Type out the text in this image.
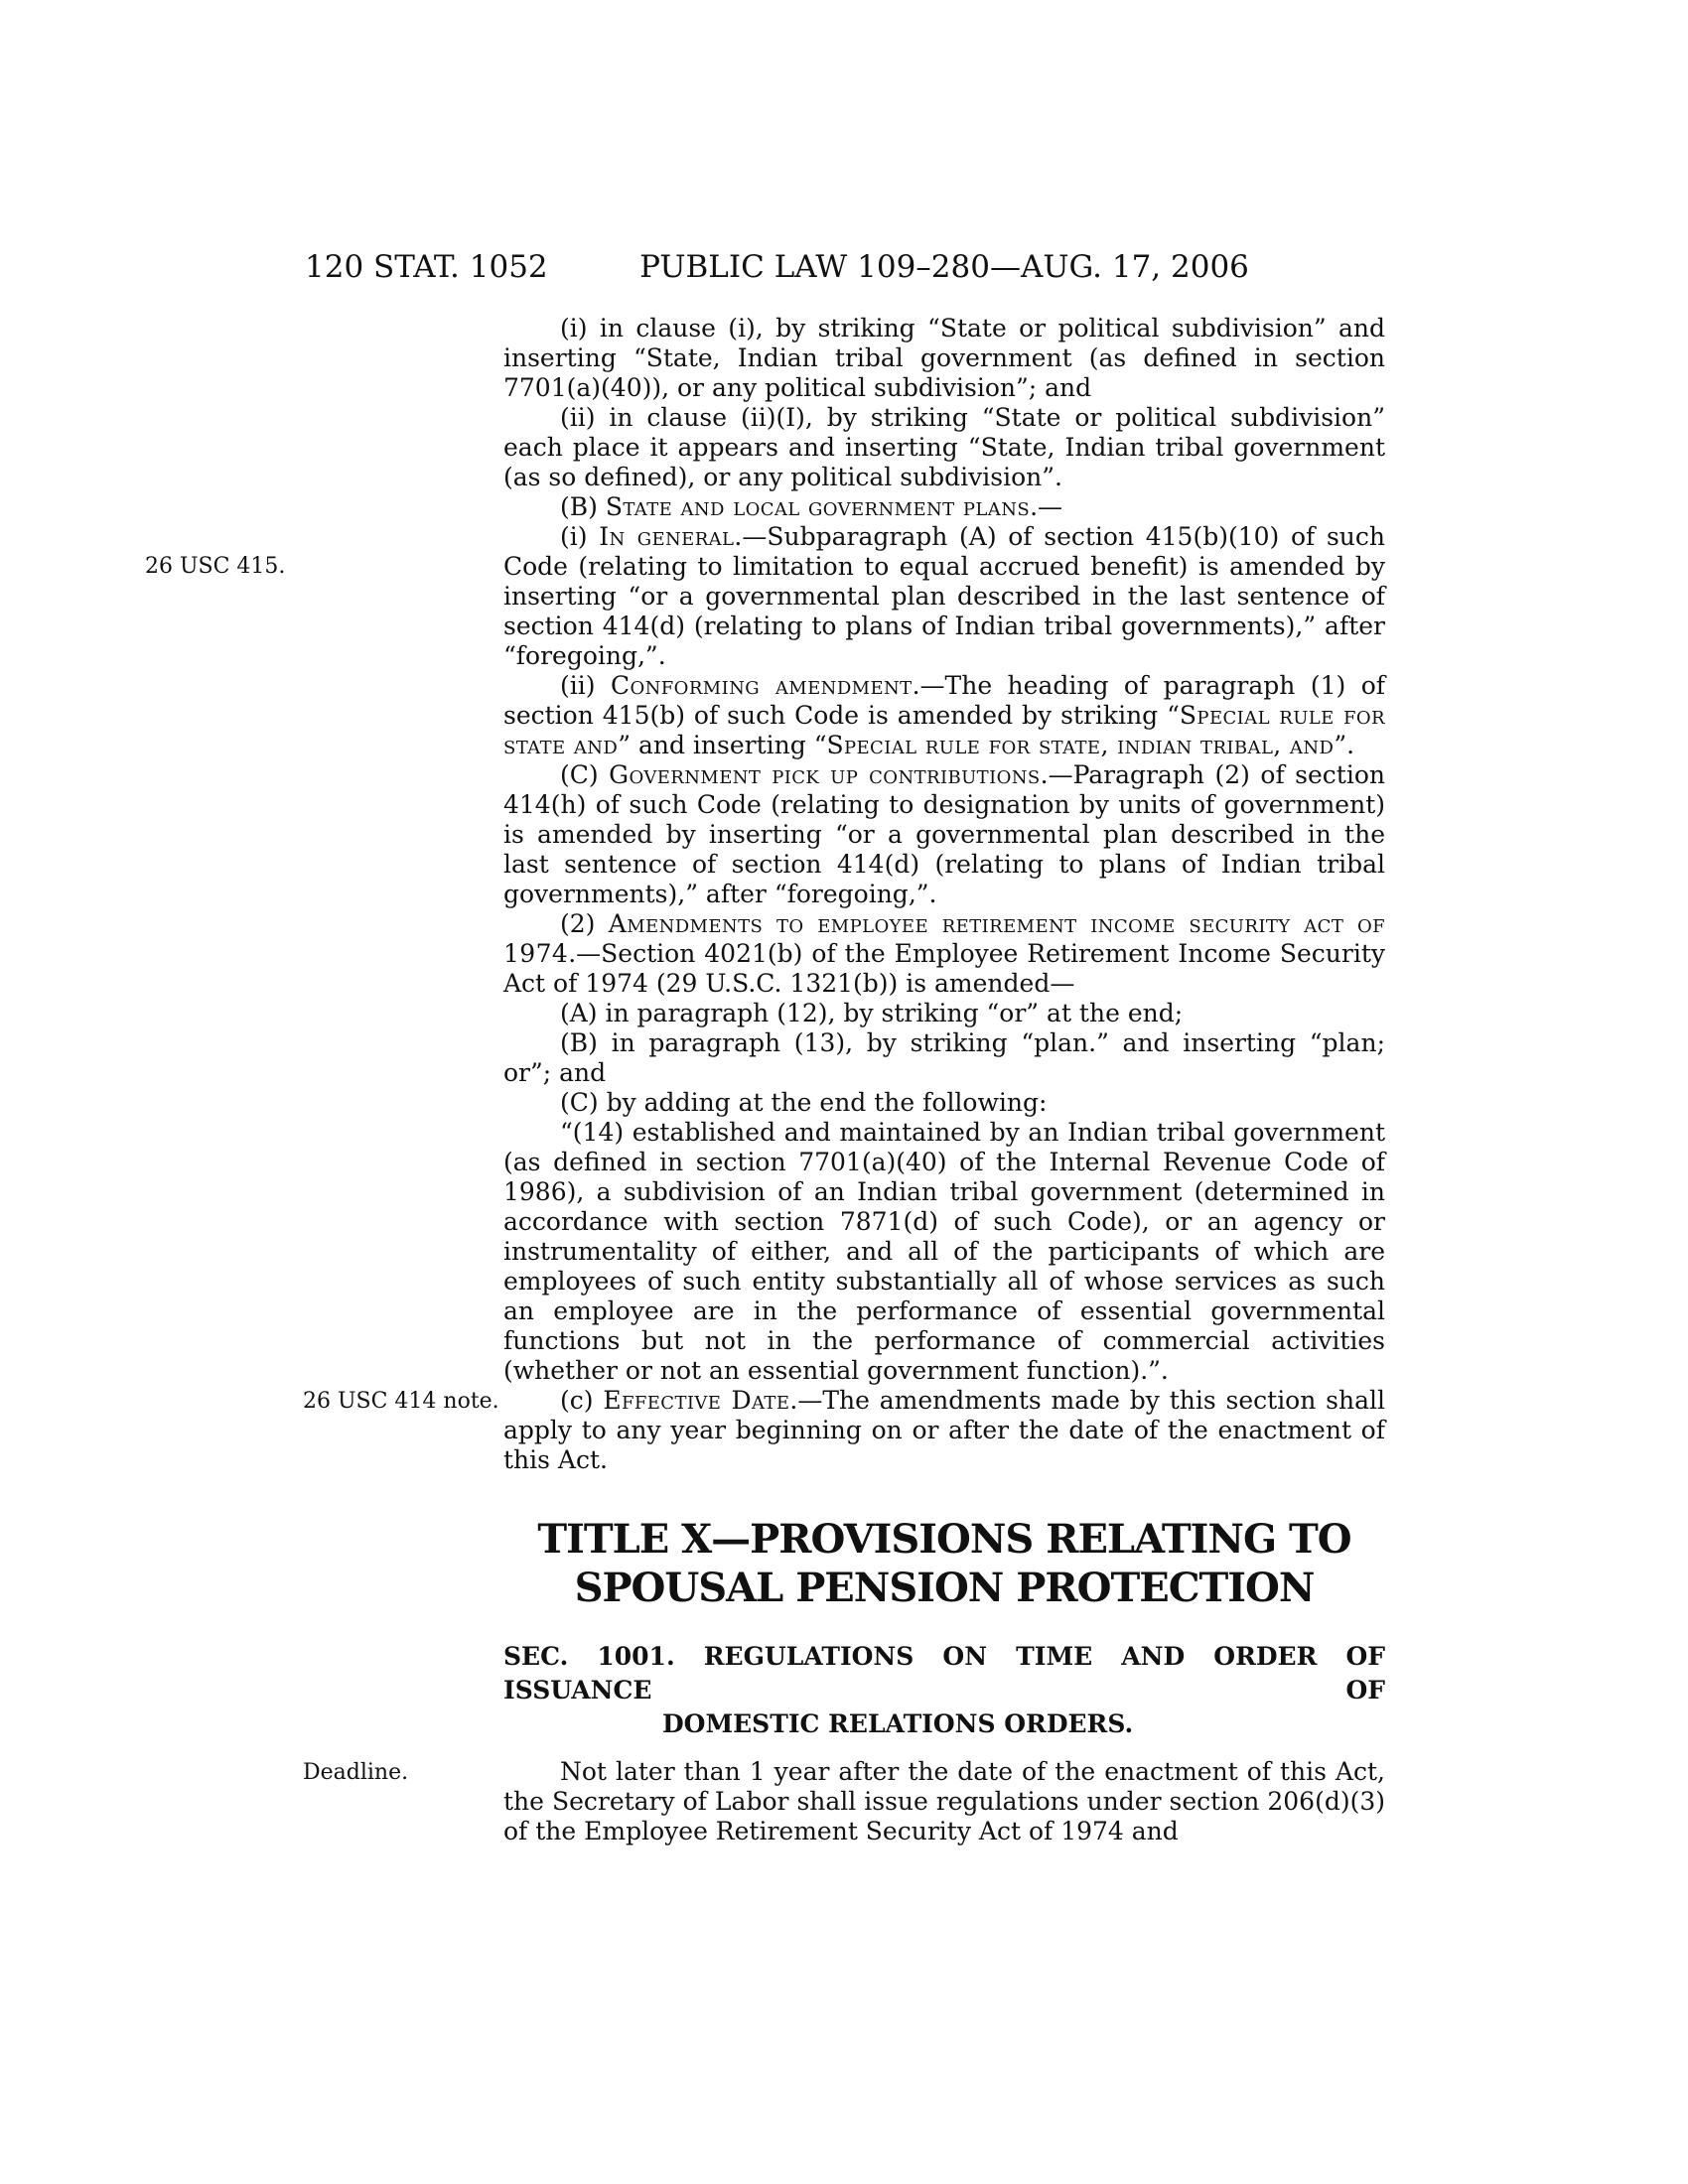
120 STAT. 1052	PUBLIC LAW 109–280—AUG. 17, 2006

(i) in clause (i), by striking “State or political subdivision” and inserting “State, Indian tribal government (as defined in section 7701(a)(40)), or any political subdivision”; and

(ii) in clause (ii)(I), by striking “State or political subdivision” each place it appears and inserting “State, Indian tribal government (as so defined), or any political subdivision”.

(B) State and local government plans.—

26 USC 415.
(i) In general.—Subparagraph (A) of section 415(b)(10) of such Code (relating to limitation to equal accrued benefit) is amended by inserting “or a governmental plan described in the last sentence of section 414(d) (relating to plans of Indian tribal governments),” after “foregoing,”.

(ii) Conforming amendment.—The heading of paragraph (1) of section 415(b) of such Code is amended by striking “Special rule for state and” and inserting “Special rule for state, indian tribal, and”.

(C) Government pick up contributions.—Paragraph (2) of section 414(h) of such Code (relating to designation by units of government) is amended by inserting “or a governmental plan described in the last sentence of section 414(d) (relating to plans of Indian tribal governments),” after “foregoing,”.

(2) Amendments to employee retirement income security act of 1974.—Section 4021(b) of the Employee Retirement Income Security Act of 1974 (29 U.S.C. 1321(b)) is amended—

(A) in paragraph (12), by striking “or” at the end;

(B) in paragraph (13), by striking “plan.” and inserting “plan; or”; and

(C) by adding at the end the following:

“(14) established and maintained by an Indian tribal government (as defined in section 7701(a)(40) of the Internal Revenue Code of 1986), a subdivision of an Indian tribal government (determined in accordance with section 7871(d) of such Code), or an agency or instrumentality of either, and all of the participants of which are employees of such entity substantially all of whose services as such an employee are in the performance of essential governmental functions but not in the performance of commercial activities (whether or not an essential government function).”.

26 USC 414 note. (c) Effective Date.—The amendments made by this section shall apply to any year beginning on or after the date of the enactment of this Act.

TITLE X—PROVISIONS RELATING TO
SPOUSAL PENSION PROTECTION

SEC. 1001. REGULATIONS ON TIME AND ORDER OF ISSUANCE OF
DOMESTIC RELATIONS ORDERS.

Deadline.	Not later than 1 year after the date of the enactment of this Act, the Secretary of Labor shall issue regulations under section 206(d)(3) of the Employee Retirement Security Act of 1974 and
